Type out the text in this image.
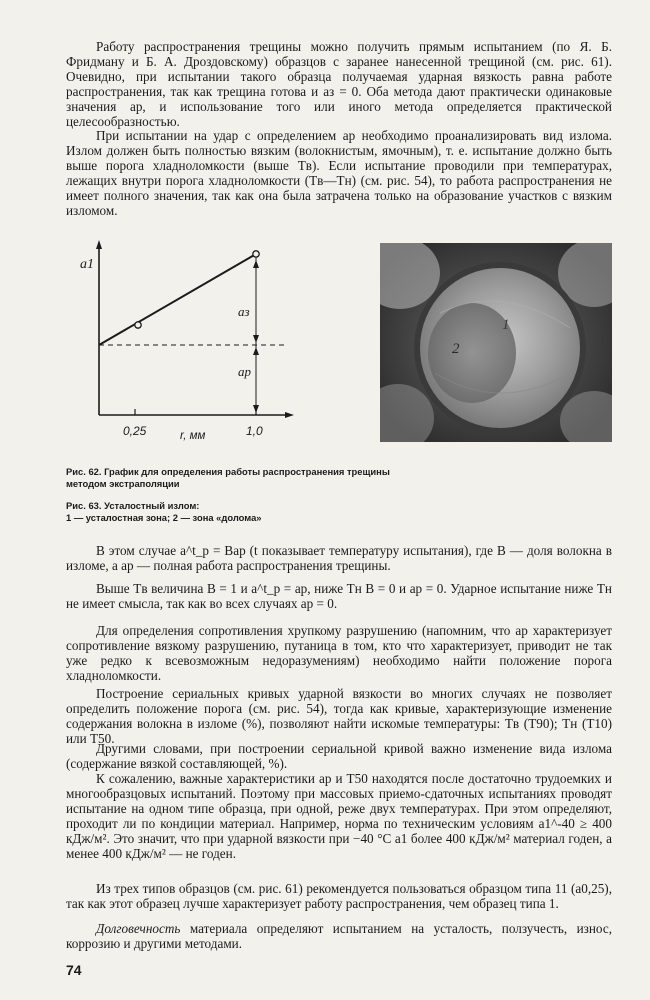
Работу распространения трещины можно получить прямым испытанием (по Я. Б. Фридману и Б. А. Дроздовскому) образцов с заранее нанесенной трещиной (см. рис. 61). Очевидно, при испытании такого образца получаемая ударная вязкость равна работе распространения, так как трещина готова и aз = 0. Оба метода дают практически одинаковые значения aр, и использование того или иного метода определяется практической целесообразностью.

При испытании на удар с определением aр необходимо проанализировать вид излома. Излом должен быть полностью вязким (волокнистым, ямочным), т. е. испытание должно быть выше порога хладноломкости (выше Tв). Если испытание проводили при температурах, лежащих внутри порога хладноломкости (Tв—Tн) (см. рис. 54), то работа распространения не имеет полного значения, так как она была затрачена только на образование участков с вязким изломом.

a1
aз
aр
0,25	r, мм	1,0
1
2
Рис. 62. График для определения работы распространения трещины
методом экстраполяции
Рис. 63. Усталостный излом:
1 — усталостная зона; 2 — зона «долома»

В этом случае a^t_р = Baр (t показывает температуру испытания), где B — доля волокна в изломе, а aр — полная работа распространения трещины.

Выше Tв величина B = 1 и a^t_р = aр, ниже Tн B = 0 и aр = 0. Ударное испытание ниже Tн не имеет смысла, так как во всех случаях aр = 0.

Для определения сопротивления хрупкому разрушению (напомним, что aр характеризует сопротивление вязкому разрушению, путаница в том, кто что характеризует, приводит не так уже редко к всевозможным недоразумениям) необходимо найти положение порога хладноломкости.

Построение сериальных кривых ударной вязкости во многих случаях не позволяет определить положение порога (см. рис. 54), тогда как кривые, характеризующие изменение содержания волокна в изломе (%), позволяют найти искомые температуры: Tв (T90); Tн (T10) или T50.

Другими словами, при построении сериальной кривой важно изменение вида излома (содержание вязкой составляющей, %).

К сожалению, важные характеристики aр и T50 находятся после достаточно трудоемких и многообразцовых испытаний. Поэтому при массовых приемо-сдаточных испытаниях проводят испытание на одном типе образца, при одной, реже двух температурах. При этом определяют, проходит ли по кондиции материал. Например, норма по техническим условиям a1^-40 ≥ 400 кДж/м². Это значит, что при ударной вязкости при −40 °C a1 более 400 кДж/м² материал годен, а менее 400 кДж/м² — не годен.

Из трех типов образцов (см. рис. 61) рекомендуется пользоваться образцом типа 11 (a0,25), так как этот образец лучше характеризует работу распространения, чем образец типа 1.

Долговечность материала определяют испытанием на усталость, ползучесть, износ, коррозию и другими методами.

74
